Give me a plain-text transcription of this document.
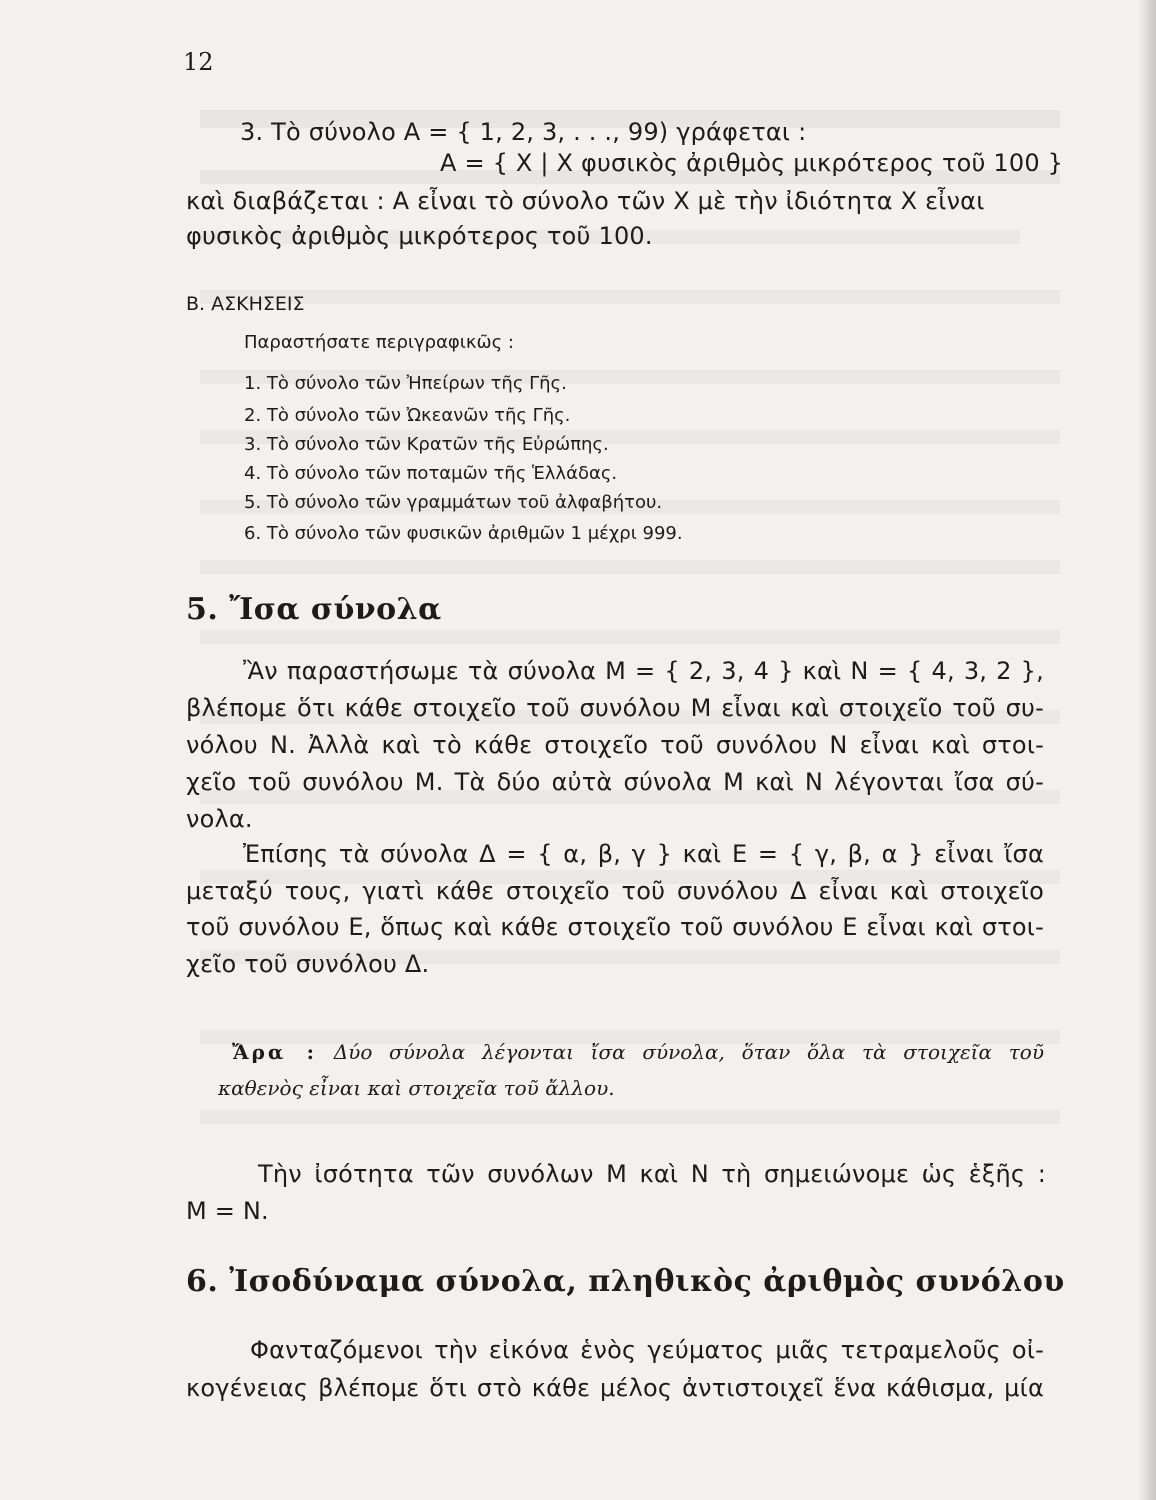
12
3. Τὸ σύνολο A = { 1, 2, 3, . . ., 99) γράφεται :
A = { X | X φυσικὸς ἀριθμὸς μικρότερος τοῦ 100 }
καὶ διαβάζεται : A εἶναι τὸ σύνολο τῶν X μὲ τὴν ἰδιότητα X εἶναι
φυσικὸς ἀριθμὸς μικρότερος τοῦ 100.
B. ΑΣΚΗΣΕΙΣ
Παραστήσατε περιγραφικῶς :
1. Τὸ σύνολο τῶν Ἠπείρων τῆς Γῆς.
2. Τὸ σύνολο τῶν Ὠκεανῶν τῆς Γῆς.
3. Τὸ σύνολο τῶν Κρατῶν τῆς Εὐρώπης.
4. Τὸ σύνολο τῶν ποταμῶν τῆς Ἑλλάδας.
5. Τὸ σύνολο τῶν γραμμάτων τοῦ ἀλφαβήτου.
6. Τὸ σύνολο τῶν φυσικῶν ἀριθμῶν 1 μέχρι 999.
5. Ἴσα σύνολα
Ἂν παραστήσωμε τὰ σύνολα M = { 2, 3, 4 } καὶ N = { 4, 3, 2 },
βλέπομε ὅτι κάθε στοιχεῖο τοῦ συνόλου M εἶναι καὶ στοιχεῖο τοῦ συ-
νόλου N. Ἀλλὰ καὶ τὸ κάθε στοιχεῖο τοῦ συνόλου N εἶναι καὶ στοι-
χεῖο τοῦ συνόλου M. Τὰ δύο αὐτὰ σύνολα M καὶ N λέγονται ἴσα σύ-
νολα.
Ἐπίσης τὰ σύνολα Δ = { α, β, γ } καὶ E = { γ, β, α } εἶναι ἴσα
μεταξύ τους, γιατὶ κάθε στοιχεῖο τοῦ συνόλου Δ εἶναι καὶ στοιχεῖο
τοῦ συνόλου E, ὅπως καὶ κάθε στοιχεῖο τοῦ συνόλου E εἶναι καὶ στοι-
χεῖο τοῦ συνόλου Δ.
Ἄρα : Δύο σύνολα λέγονται ἴσα σύνολα, ὅταν ὅλα τὰ στοιχεῖα τοῦ
καθενὸς εἶναι καὶ στοιχεῖα τοῦ ἄλλου.
Τὴν ἰσότητα τῶν συνόλων M καὶ N τὴ σημειώνομε ὡς ἑξῆς :
M = N.
6. Ἰσοδύναμα σύνολα, πληθικὸς ἀριθμὸς συνόλου
Φανταζόμενοι τὴν εἰκόνα ἑνὸς γεύματος μιᾶς τετραμελοῦς οἰ-
κογένειας βλέπομε ὅτι στὸ κάθε μέλος ἀντιστοιχεῖ ἕνα κάθισμα, μία
